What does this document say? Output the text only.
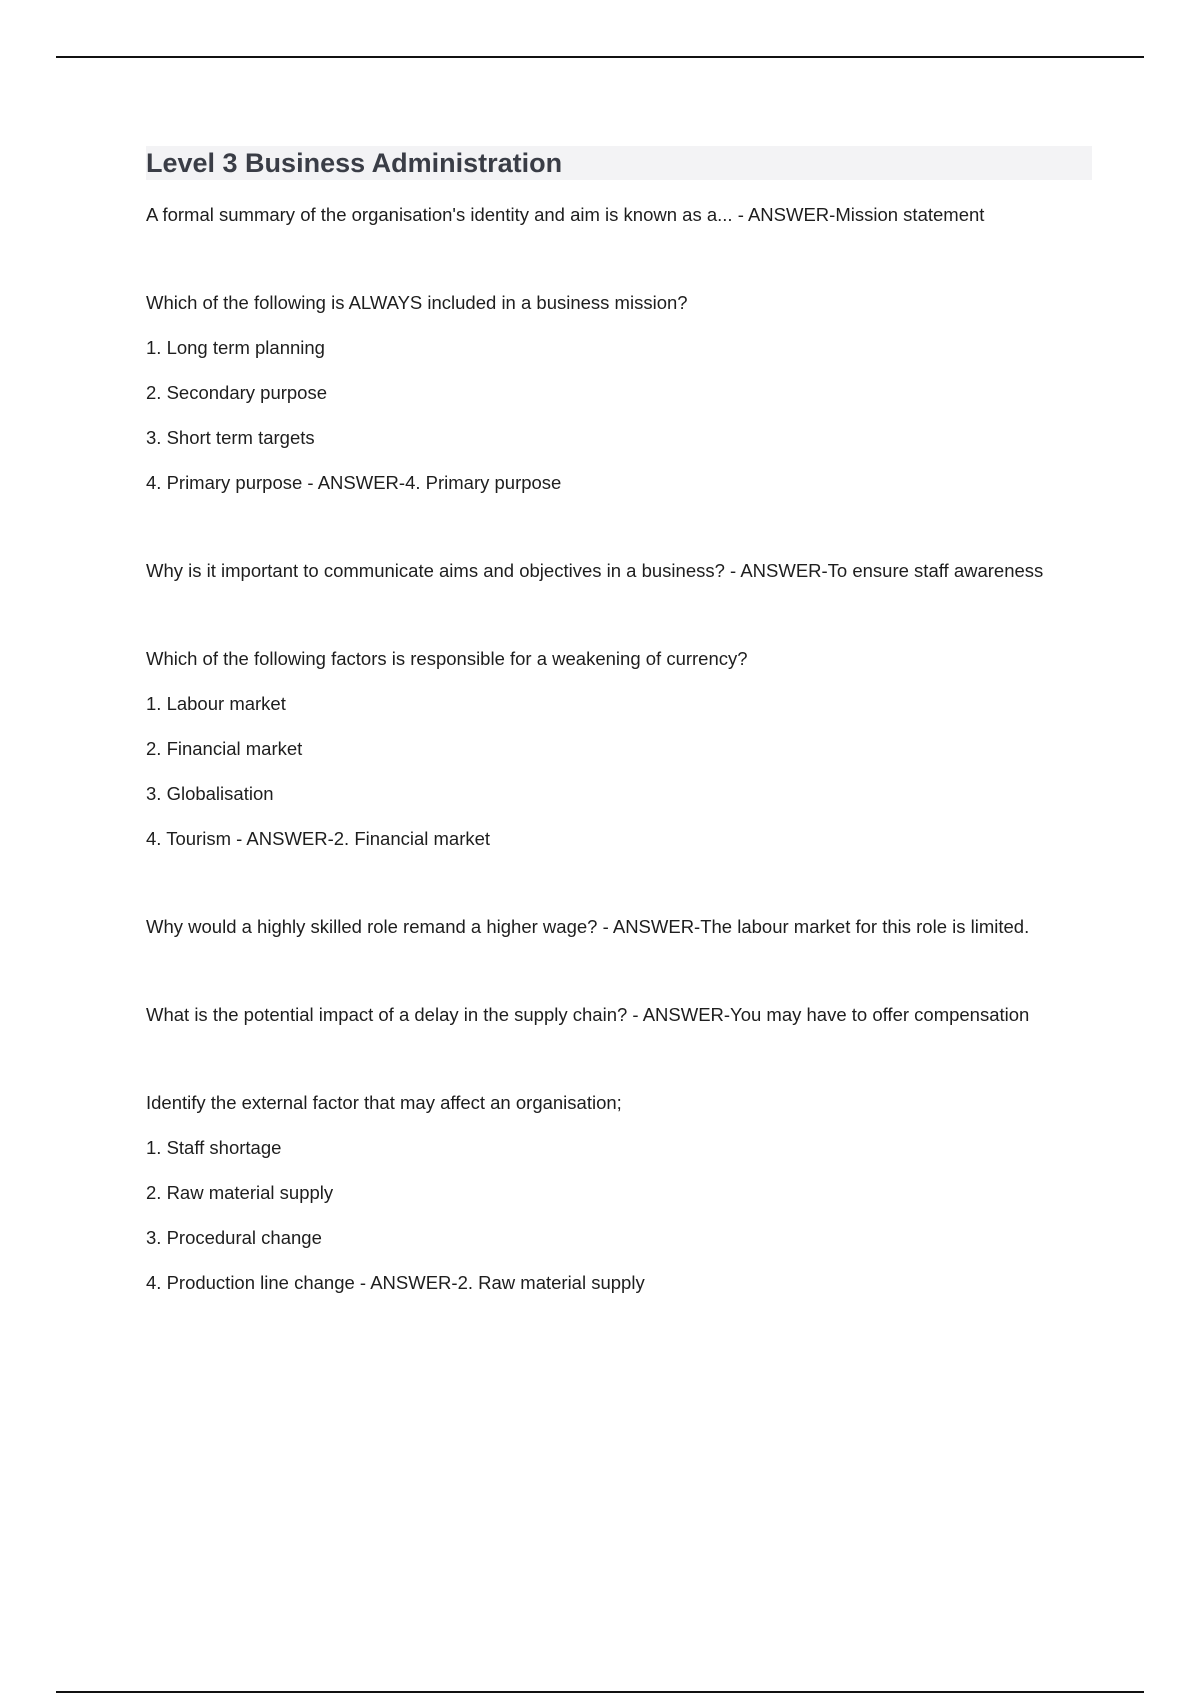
Level 3 Business Administration

A formal summary of the organisation's identity and aim is known as a... - ANSWER-Mission statement

Which of the following is ALWAYS included in a business mission?

1. Long term planning

2. Secondary purpose

3. Short term targets

4. Primary purpose - ANSWER-4. Primary purpose

Why is it important to communicate aims and objectives in a business? - ANSWER-To ensure staff awareness

Which of the following factors is responsible for a weakening of currency?

1. Labour market

2. Financial market

3. Globalisation

4. Tourism - ANSWER-2. Financial market

Why would a highly skilled role remand a higher wage? - ANSWER-The labour market for this role is limited.

What is the potential impact of a delay in the supply chain? - ANSWER-You may have to offer compensation

Identify the external factor that may affect an organisation;

1. Staff shortage

2. Raw material supply

3. Procedural change

4. Production line change - ANSWER-2. Raw material supply
